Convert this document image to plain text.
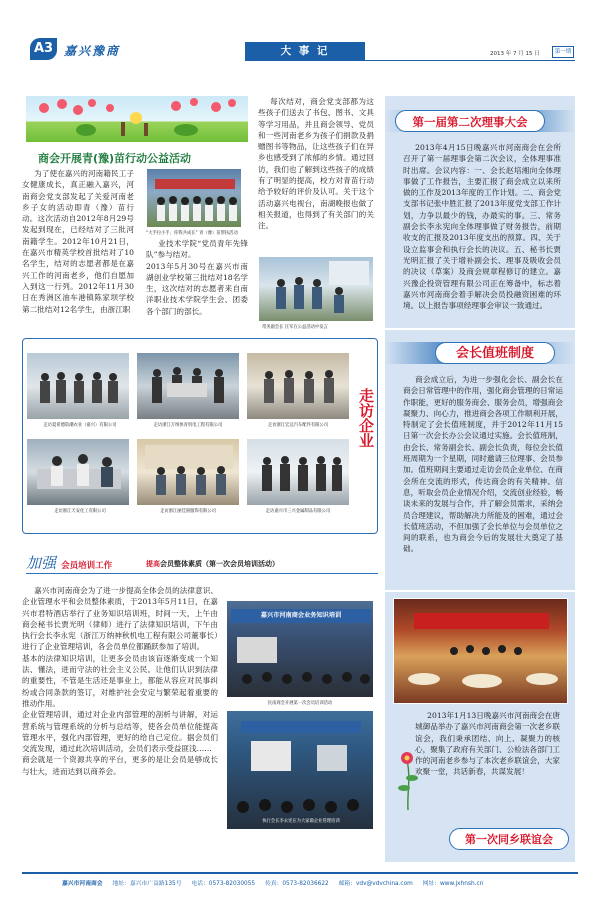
A3 嘉兴豫商	大 事 记	2013 年 7 月 15 日	第一期
商会开展青(豫)苗行动公益活动
为了使在嘉兴的河南籍民工子女健康成长，真正融入嘉兴，河南商会党支部发起了关爱河南老乡子女的活动即青（豫）苗行动。这次活动自2012年8月29号发起到现在，已经结对了三批河南籍学生。2012年10月21日，在嘉兴市精英学校首批结对了10名学生，结对的志愿者都是在嘉兴工作的河南老乡，他们自愿加入到这一行列。2012年11月30日在秀洲区油车港镇陈家坝学校第二批结对12名学生，由浙江职
“大手拉小手，你我共成长” 青（豫）苗帮扶活动
业技术学院“党员青年先锋队”参与结对。
2013年5月30号在嘉兴市南湖创业学校第三批结对18名学生，这次结对的志愿者来自南洋职业技术学院学生会、团委各个部门的部长。
每次结对，商会党支部都为这些孩子们送去了书包、图书、文具等学习用品，并且商会领导、党员和一些河南老乡为孩子们捐款及捐赠图书等物品，让这些孩子们在异乡也感受到了浓郁的乡情。通过回访，我们也了解到这些孩子的成绩有了明显的提高，校方对青苗行动给予较好的评价及认可。关于这个活动嘉兴电视台，南湖晚报也做了相关报道，也得到了有关部门的关注。
常务副会长 汪军在公益活动中发言
第一届第二次理事大会
2013年4月15日晚嘉兴市河南商会在会所召开了第一届理事会第二次会议，全体理事准时出席。会议内容：一、会长赵培湘向全体理事做了工作报告，主要汇报了商会成立以来所做的工作及2013年度的工作计划。二、商会党支部书记张中胜汇报了2013年度党支部工作计划，力争以最少的钱，办最实的事。三、常务副会长李永宪向全体理事做了财务报告，前期收支的汇报及2013年度支出的预算。四、关于设立监事会和执行会长的决议。五、秘书长贾光明汇报了关于增补副会长、理事及吸收会员的决议（草案）及商会规章程修订的建立。嘉兴豫企投资管理有限公司正在筹备中，标志着嘉兴市河南商会着手解决会员投融资困难的环境。以上报告事项经理事会审议一致通过。
会长值班制度
商会成立后，为进一步强化会长、副会长在商会日常管理中的作用，强化商会管理的日常运作职能，更好的服务商会、服务会员，增强商会凝聚力、向心力，推进商会各项工作顺利开展，特制定了会长值班制度，并于2012年11月15日第一次会长办公会议通过实施。会长值班制，由会长、常务副会长、副会长负责，每位会长值班周期为一个星期，同时邀请三位理事、会员参加。值班期间主要通过走访会员企业单位、在商会所在交流的形式，传达商会的有关精神、信息，听取会员企业情况介绍，交流创业经验，畅谈未来的发展与合作，并了解会员需求，采纳会员合理建议，帮助解决力所能及的困难，通过会长值班活动，不但加强了会长单位与会员单位之间的联系，也为商会今后的发展壮大奠定了基础。
走访夏希德防潮衣业（嘉兴）有限公司	走访浙江万纳体育机电工程有限公司	走访浙江宏远汽车配件有限公司	走访企业
走访浙江天安化工有限公司	走访浙江丽佳圆服饰有限公司	走访嘉兴市三兴金属制品有限公司
加强 会员培训工作	提高会员整体素质（第一次会员培训活动）
嘉兴市河南商会为了进一步提高全体会员的法律意识、企业管理水平和会员整体素质，于2013年5月11日，在嘉兴市君特酒店举行了业务知识培训班，时间一天，上午由商会秘书长贾光明（律师）进行了法律知识培训，下午由执行会长李永宪（浙江万纳神秋机电工程有限公司董事长）进行了企业管理培训，各会员单位都踊跃参加了培训。
基本的法律知识培训，让更多会员由该盲逐渐变成一个知法、懂法，进而守法的社会主义公民。让他们认识到法律的重要性，不管是生活还是事业上，都能从容应对民事纠纷或合同条款的签订，对维护社会安定与繁荣起着重要的推动作用。
企业管理培训，通过对企业内部管理的剖析与讲解，对运营系统与管理系统的分析与总结等，使各会员单位能提高管理水平，强化内部管理，更好的给自己定位。据会员们交流发现，通过此次培训活动，会员们表示受益匪浅……
商会就是一个资源共享的平台，更多的是让会员是够成长与壮大，进而达到以商养会。
嘉兴市河南商会业务知识培训
民南商会开展第一次会员培训活动
执行会长李永宪在为大家做企业管理培训
2013年1月13日晚嘉兴市河南商会在唐城御品举办了嘉兴市河南商会第一次老乡联谊会，我们秉承团结、向上、凝聚力的核心，聚集了政府有关部门、公检法各部门工作的河南老乡参与了本次老乡联谊会，大家欢聚一堂，共话新春，共谋发展！
第一次同乡联谊会
嘉兴市河南商会 地址：嘉兴市广益路135号 电话：0573-82030055 传真：0573-82036622 邮箱：vdv@vdvchina.com 网址：www.jxhnsh.cn
